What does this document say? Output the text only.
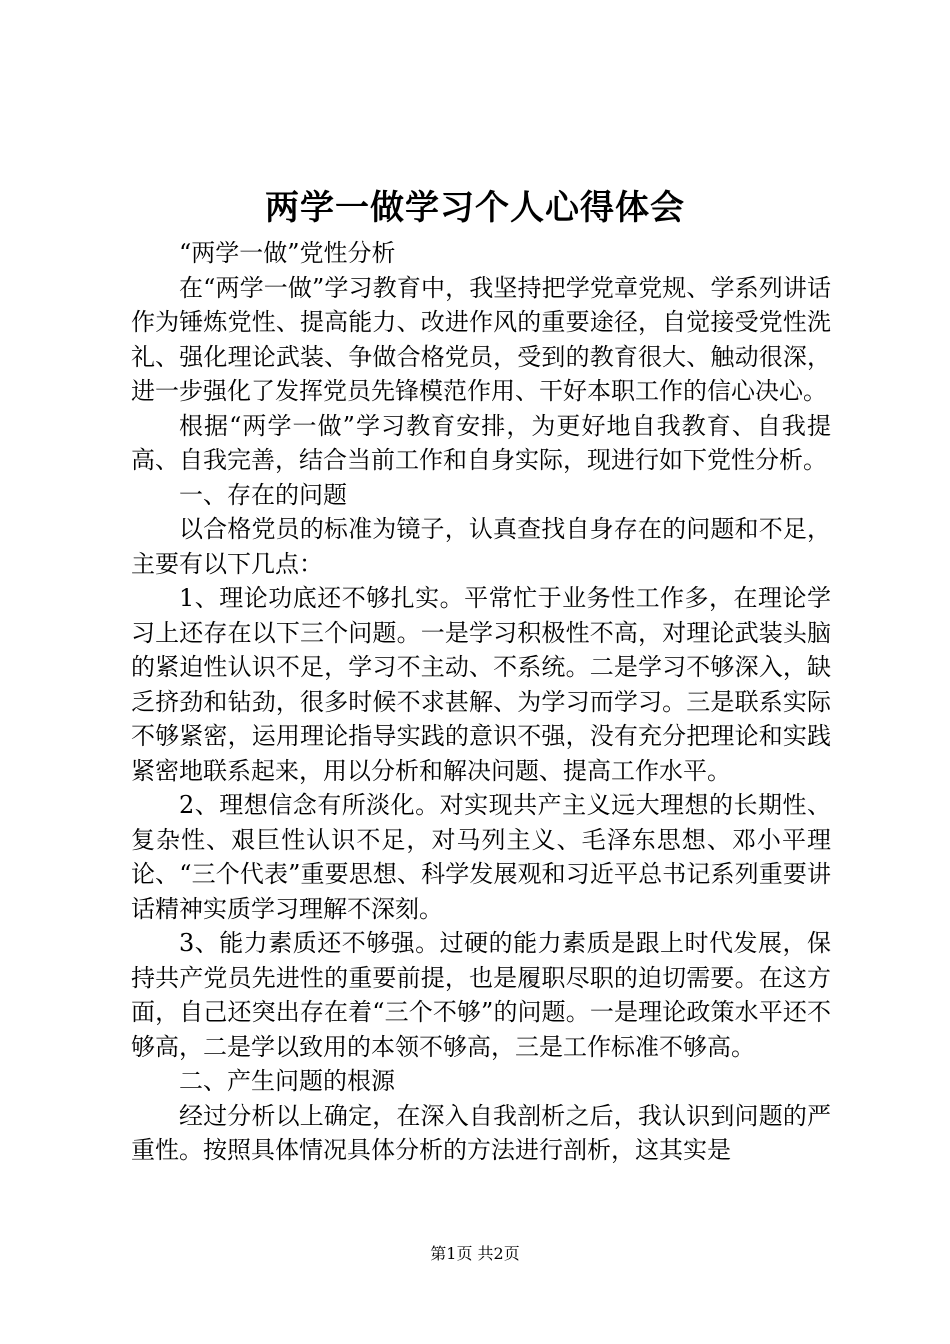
两学一做学习个人心得体会

“两学一做”党性分析

在“两学一做”学习教育中，我坚持把学党章党规、学系列讲话作为锤炼党性、提高能力、改进作风的重要途径，自觉接受党性洗礼、强化理论武装、争做合格党员，受到的教育很大、触动很深，进一步强化了发挥党员先锋模范作用、干好本职工作的信心决心。

根据“两学一做”学习教育安排，为更好地自我教育、自我提高、自我完善，结合当前工作和自身实际，现进行如下党性分析。

一、存在的问题

以合格党员的标准为镜子，认真查找自身存在的问题和不足，主要有以下几点：

1、理论功底还不够扎实。平常忙于业务性工作多，在理论学习上还存在以下三个问题。一是学习积极性不高，对理论武装头脑的紧迫性认识不足，学习不主动、不系统。二是学习不够深入，缺乏挤劲和钻劲，很多时候不求甚解、为学习而学习。三是联系实际不够紧密，运用理论指导实践的意识不强，没有充分把理论和实践紧密地联系起来，用以分析和解决问题、提高工作水平。

2、理想信念有所淡化。对实现共产主义远大理想的长期性、复杂性、艰巨性认识不足，对马列主义、毛泽东思想、邓小平理论、“三个代表”重要思想、科学发展观和习近平总书记系列重要讲话精神实质学习理解不深刻。

3、能力素质还不够强。过硬的能力素质是跟上时代发展，保持共产党员先进性的重要前提，也是履职尽职的迫切需要。在这方面，自己还突出存在着“三个不够”的问题。一是理论政策水平还不够高，二是学以致用的本领不够高，三是工作标准不够高。

二、产生问题的根源

经过分析以上确定，在深入自我剖析之后，我认识到问题的严重性。按照具体情况具体分析的方法进行剖析，这其实是

第1页 共2页
